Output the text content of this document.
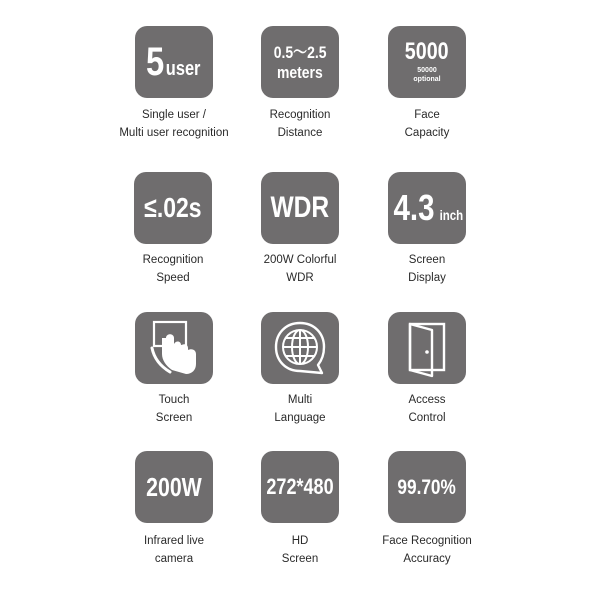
5 user
Single user /
Multi user recognition
0.5～2.5
meters
Recognition
Distance
5000
50000
optional
Face
Capacity
≤.02s
Recognition
Speed
WDR
200W Colorful
WDR
4.3 inch
Screen
Display
Touch
Screen
Multi
Language
Access
Control
200W
Infrared live
camera
272*480
HD
Screen
99.70%
Face Recognition
Accuracy
